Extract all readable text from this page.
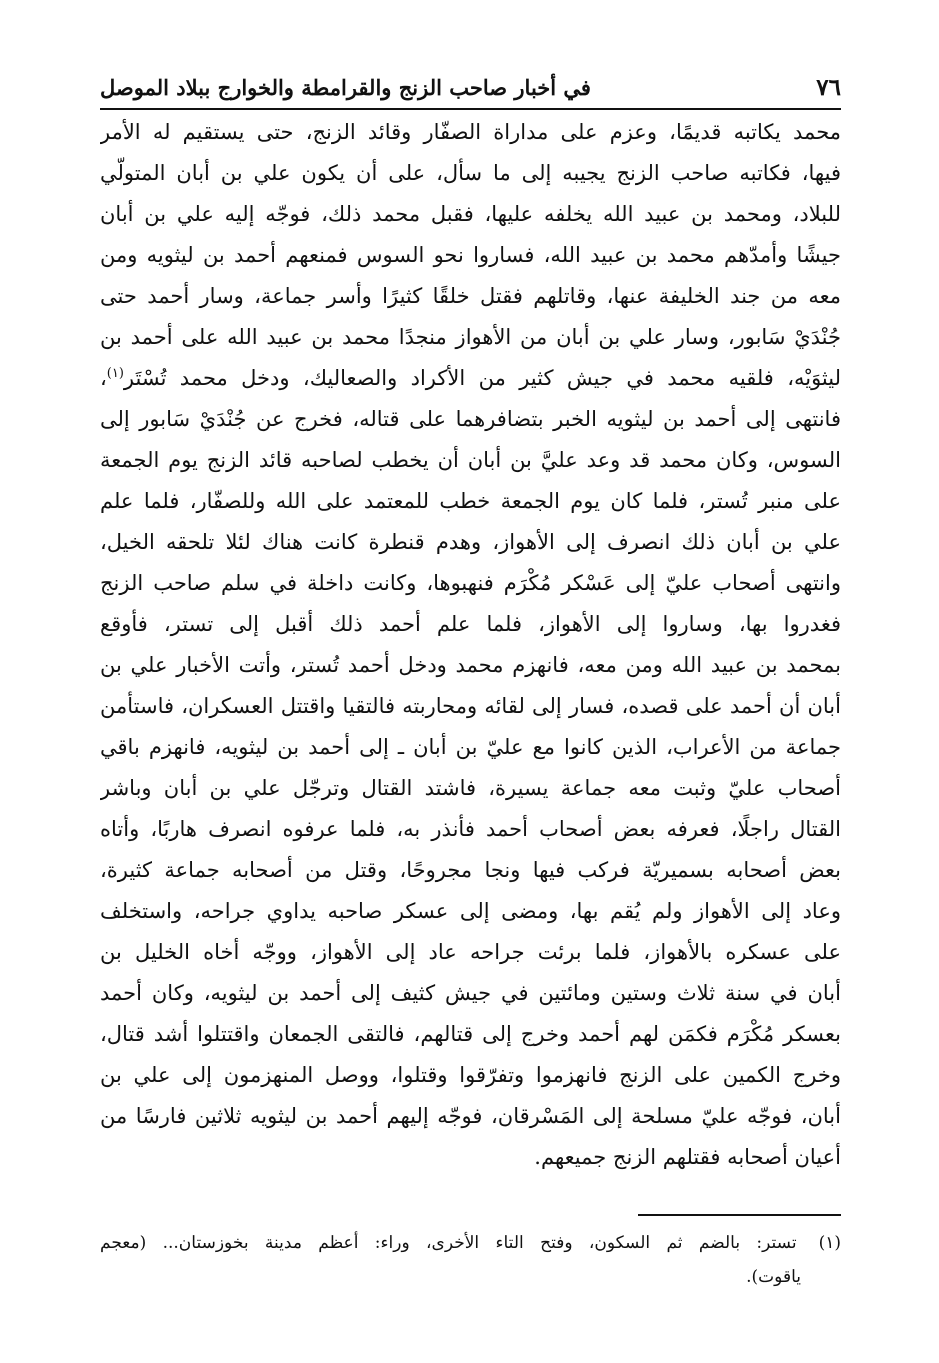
٧٦
في أخبار صاحب الزنج والقرامطة والخوارج ببلاد الموصل
محمد يكاتبه قديمًا، وعزم على مداراة الصفّار وقائد الزنج، حتى يستقيم له الأمر
فيها، فكاتبه صاحب الزنج يجيبه إلى ما سأل، على أن يكون علي بن أبان المتولّي
للبلاد، ومحمد بن عبيد الله يخلفه عليها، فقبل محمد ذلك، فوجّه إليه علي بن أبان
جيشًا وأمدّهم محمد بن عبيد الله، فساروا نحو السوس فمنعهم أحمد بن ليثويه ومن
معه من جند الخليفة عنها، وقاتلهم فقتل خلقًا كثيرًا وأسر جماعة، وسار أحمد حتى
جُنْدَيْ سَابور، وسار علي بن أبان من الأهواز منجدًا محمد بن عبيد الله على أحمد بن
ليثوَيْه، فلقيه محمد في جيش كثير من الأكراد والصعاليك، ودخل محمد تُسْتَر$^{(١)}$،
فانتهى إلى أحمد بن ليثويه الخبر بتضافرهما على قتاله، فخرج عن جُنْدَيْ سَابور إلى
السوس، وكان محمد قد وعد عليَّ بن أبان أن يخطب لصاحبه قائد الزنج يوم الجمعة
على منبر تُستر، فلما كان يوم الجمعة خطب للمعتمد على الله وللصفّار، فلما علم
علي بن أبان ذلك انصرف إلى الأهواز، وهدم قنطرة كانت هناك لئلا تلحقه الخيل،
وانتهى أصحاب عليّ إلى عَسْكر مُكْرَم فنهبوها، وكانت داخلة في سلم صاحب الزنج
فغدروا بها، وساروا إلى الأهواز، فلما علم أحمد ذلك أقبل إلى تستر، فأوقع
بمحمد بن عبيد الله ومن معه، فانهزم محمد ودخل أحمد تُستر، وأتت الأخبار علي بن
أبان أن أحمد على قصده، فسار إلى لقائه ومحاربته فالتقيا واقتتل العسكران، فاستأمن
جماعة من الأعراب، الذين كانوا مع عليّ بن أبان ـ إلى أحمد بن ليثويه، فانهزم باقي
أصحاب عليّ وثبت معه جماعة يسيرة، فاشتد القتال وترجّل علي بن أبان وباشر
القتال راجلًا، فعرفه بعض أصحاب أحمد فأنذر به، فلما عرفوه انصرف هاربًا، وأتاه
بعض أصحابه بسميريّة فركب فيها ونجا مجروحًا، وقتل من أصحابه جماعة كثيرة،
وعاد إلى الأهواز ولم يُقم بها، ومضى إلى عسكر صاحبه يداوي جراحه، واستخلف
على عسكره بالأهواز، فلما برئت جراحه عاد إلى الأهواز، ووجّه أخاه الخليل بن
أبان في سنة ثلاث وستين ومائتين في جيش كثيف إلى أحمد بن ليثويه، وكان أحمد
بعسكر مُكْرَم فكمَن لهم أحمد وخرج إلى قتالهم، فالتقى الجمعان واقتتلوا أشد قتال،
وخرج الكمين على الزنج فانهزموا وتفرّقوا وقتلوا، ووصل المنهزمون إلى علي بن
أبان، فوجّه عليّ مسلحة إلى المَسْرقان، فوجّه إليهم أحمد بن ليثويه ثلاثين فارسًا من
أعيان أصحابه فقتلهم الزنج جميعهم.
(١)تستر: بالضم ثم السكون، وفتح التاء الأخرى، وراء: أعظم مدينة بخوزستان... (معجم
ياقوت).
